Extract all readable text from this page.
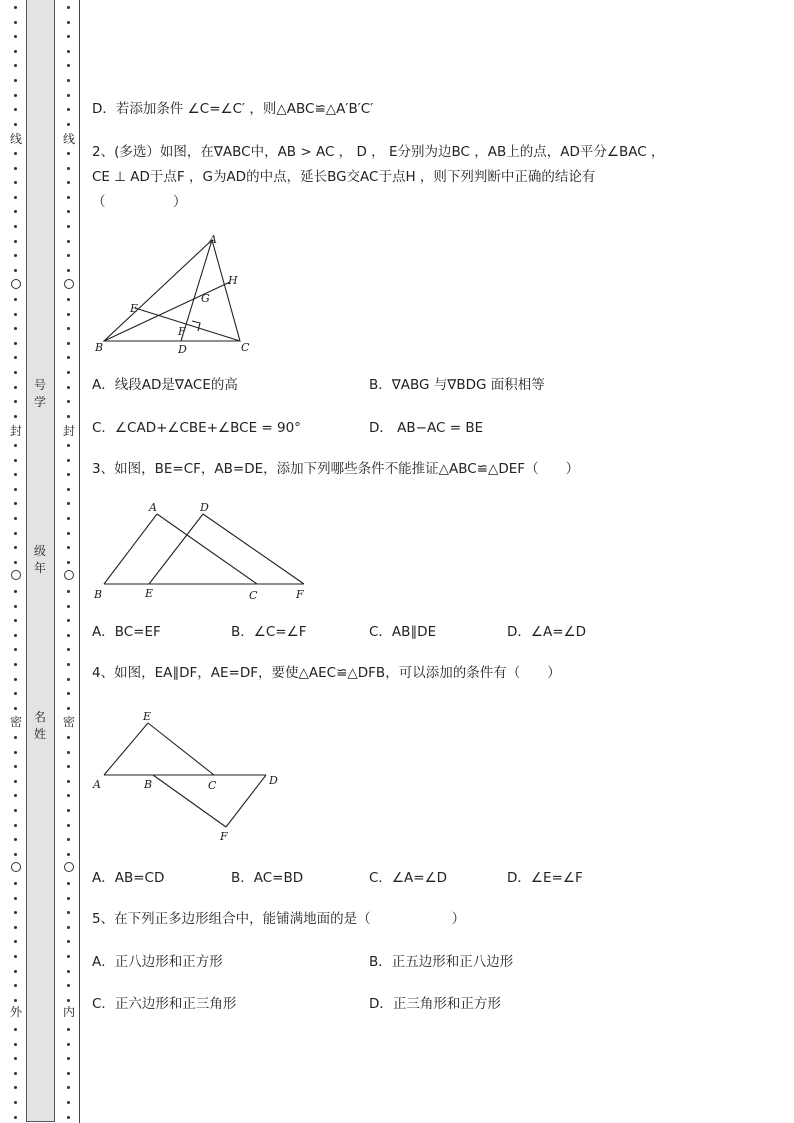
线
封
密
外
号学
级年
名姓
线
封
密
内
D．若添加条件 ∠C=∠C′ ，则△ABC≌△A′B′C′
2、(多选）如图，在∇ABC中，AB > AC ， D ， E分别为边BC ，AB上的点，AD平分∠BAC ，
CE ⊥ AD于点F ，G为AD的中点，延长BG交AC于点H ，则下列判断中正确的结论有
（　　　　　）
A
H
G
E
F
B	D	C
A．线段AD是∇ACE的高	B．∇ABG 与∇BDG 面积相等
C．∠CAD+∠CBE+∠BCE = 90°	D． AB−AC = BE
3、如图，BE=CF，AB=DE，添加下列哪些条件不能推证△ABC≌△DEF（　　）
A	D
B	E	C	F
A．BC=EF	B．∠C=∠F	C．AB∥DE	D．∠A=∠D
4、如图，EA∥DF，AE=DF，要使△AEC≌△DFB，可以添加的条件有（　　）
E
A	B	C	D
F
A．AB=CD	B．AC=BD	C．∠A=∠D	D．∠E=∠F
5、在下列正多边形组合中，能铺满地面的是（　　　　　　）
A．正八边形和正方形	B．正五边形和正八边形
C．正六边形和正三角形	D．正三角形和正方形
